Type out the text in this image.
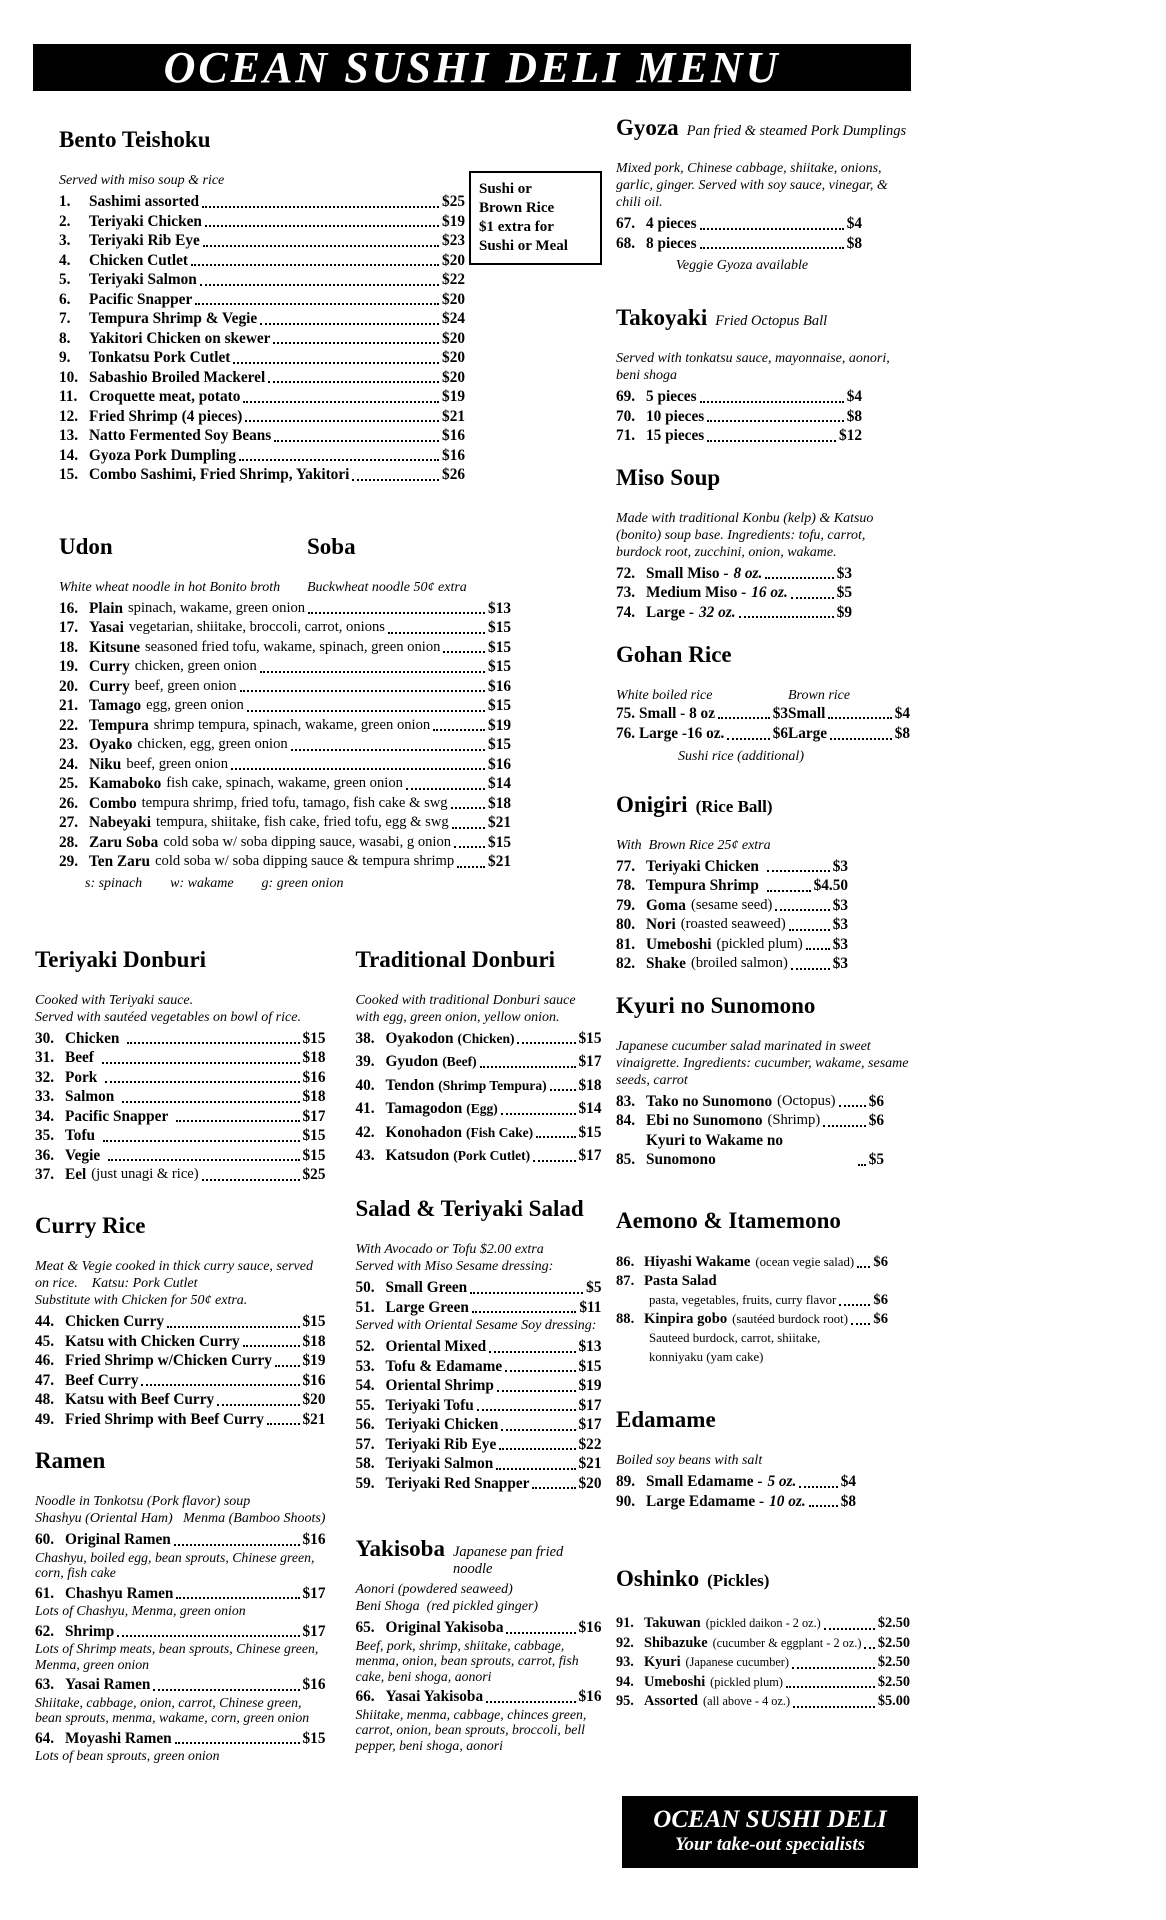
OCEAN SUSHI DELI MENU
Bento Teishoku
Served with miso soup & rice
1.	Sashimi assorted	$25
2.	Teriyaki Chicken	$19
3.	Teriyaki Rib Eye	$23
4.	Chicken Cutlet	$20
5.	Teriyaki Salmon	$22
6.	Pacific Snapper	$20
7.	Tempura Shrimp & Vegie	$24
8.	Yakitori Chicken on skewer	$20
9.	Tonkatsu Pork Cutlet	$20
10. Sabashio Broiled Mackerel	$20
11. Croquette meat, potato	$19
12. Fried Shrimp (4 pieces)	$21
13. Natto Fermented Soy Beans	$16
14. Gyoza Pork Dumpling	$16
15. Combo Sashimi, Fried Shrimp, Yakitori	$26
Sushi or
Brown Rice
$1 extra for
Sushi or Meal
Udon
White wheat noodle in hot Bonito broth
Soba
Buckwheat noodle 50¢ extra
16. Plain spinach, wakame, green onion	$13
17. Yasai vegetarian, shiitake, broccoli, carrot, onions	$15
18. Kitsune seasoned fried tofu, wakame, spinach, green onion	$15
19. Curry chicken, green onion	$15
20. Curry beef, green onion	$16
21. Tamago egg, green onion	$15
22. Tempura shrimp tempura, spinach, wakame, green onion	$19
23. Oyako chicken, egg, green onion	$15
24. Niku beef, green onion	$16
25. Kamaboko fish cake, spinach, wakame, green onion	$14
26. Combo tempura shrimp, fried tofu, tamago, fish cake & swg	$18
27. Nabeyaki tempura, shiitake, fish cake, fried tofu, egg & swg	$21
28. Zaru Soba cold soba w/ soba dipping sauce, wasabi, g onion $15
29. Ten Zaru cold soba w/ soba dipping sauce & tempura shrimp $21
s: spinach        w: wakame        g: green onion
Teriyaki Donburi
Cooked with Teriyaki sauce.
Served with sautéed vegetables on bowl of rice.
30. Chicken	$15
31. Beef	$18
32. Pork	$16
33. Salmon	$18
34. Pacific Snapper	$17
35. Tofu	$15
36. Vegie	$15
37. Eel (just unagi & rice)	$25
Curry Rice
Meat & Vegie cooked in thick curry sauce, served on rice.    Katsu: Pork Cutlet
Substitute with Chicken for 50¢ extra.
44. Chicken Curry	$15
45. Katsu with Chicken Curry	$18
46. Fried Shrimp w/Chicken Curry $19
47. Beef Curry	$16
48. Katsu with Beef Curry	$20
49. Fried Shrimp with Beef Curry	$21
Ramen
Noodle in Tonkotsu (Pork flavor) soup
Shashyu (Oriental Ham)   Menma (Bamboo Shoots)
60. Original Ramen	$16
Chashyu, boiled egg, bean sprouts, Chinese green, corn, fish cake
61. Chashyu Ramen	$17
Lots of Chashyu, Menma, green onion
62. Shrimp	$17
Lots of Shrimp meats, bean sprouts, Chinese green, Menma, green onion
63. Yasai Ramen	$16
Shiitake, cabbage, onion, carrot, Chinese green, bean sprouts, menma, wakame, corn, green onion
64. Moyashi Ramen	$15
Lots of bean sprouts, green onion
Traditional Donburi
Cooked with traditional Donburi sauce with egg, green onion, yellow onion.
38. Oyakodon (Chicken)	$15
39. Gyudon (Beef)	$17
40. Tendon (Shrimp Tempura) $18
41. Tamagodon (Egg)	$14
42. Konohadon (Fish Cake)	$15
43. Katsudon (Pork Cutlet)	$17
Salad & Teriyaki Salad
With Avocado or Tofu $2.00 extra
Served with Miso Sesame dressing:
50. Small Green	$5
51. Large Green	$11
Served with Oriental Sesame Soy dressing:
52. Oriental Mixed	$13
53. Tofu & Edamame	$15
54. Oriental Shrimp	$19
55. Teriyaki Tofu	$17
56. Teriyaki Chicken	$17
57. Teriyaki Rib Eye	$22
58. Teriyaki Salmon	$21
59. Teriyaki Red Snapper	$20
Yakisoba Japanese pan fried noodle
Aonori (powdered seaweed)
Beni Shoga  (red pickled ginger)
65. Original Yakisoba	$16
Beef, pork, shrimp, shiitake, cabbage, menma, onion, bean sprouts, carrot, fish cake, beni shoga, aonori
66. Yasai Yakisoba	$16
Shiitake, menma, cabbage, chinces green, carrot, onion, bean sprouts, broccoli, bell pepper, beni shoga, aonori
Gyoza Pan fried & steamed Pork Dumplings
Mixed pork, Chinese cabbage, shiitake, onions, garlic, ginger. Served with soy sauce, vinegar, & chili oil.
67. 4 pieces	$4
68. 8 pieces	$8
Veggie Gyoza available
Takoyaki Fried Octopus Ball
Served with tonkatsu sauce, mayonnaise, aonori, beni shoga
69. 5 pieces	$4
70. 10 pieces	$8
71. 15 pieces	$12
Miso Soup
Made with traditional Konbu (kelp) & Katsuo (bonito) soup base. Ingredients: tofu, carrot, burdock root, zucchini, onion, wakame.
72. Small Miso - 8 oz.	$3
73. Medium Miso - 16 oz.	$5
74. Large - 32 oz.	$9
Gohan Rice
White boiled rice	Brown rice
75. Small - 8 oz	$3 Small	$4
76. Large -16 oz.	$6 Large	$8
Sushi rice (additional)
Onigiri (Rice Ball)
With  Brown Rice 25¢ extra
77. Teriyaki Chicken	$3
78. Tempura Shrimp	$4.50
79. Goma (sesame seed)	$3
80. Nori (roasted seaweed)	$3
81. Umeboshi (pickled plum) $3
82. Shake (broiled salmon)	$3
Kyuri no Sunomono
Japanese cucumber salad marinated in sweet vinaigrette. Ingredients: cucumber, wakame, sesame seeds, carrot
83. Tako no Sunomono (Octopus) $6
84. Ebi no Sunomono (Shrimp)	$6
85.
Kyuri to Wakame no Sunomono	$5
Aemono & Itamemono
86. Hiyashi Wakame (ocean vegie salad) $6
87. Pasta Salad
pasta, vegetables, fruits, curry flavor	$6
88. Kinpira gobo (sautéed burdock root) $6
Sauteed burdock, carrot, shiitake, konniyaku (yam cake)
Edamame
Boiled soy beans with salt
89. Small Edamame - 5 oz.	$4
90. Large Edamame - 10 oz. $8
Oshinko (Pickles)
91. Takuwan (pickled daikon - 2 oz.)	$2.50
92. Shibazuke (cucumber & eggplant - 2 oz.) $2.50
93. Kyuri (Japanese cucumber)	$2.50
94. Umeboshi (pickled plum)	$2.50
95. Assorted (all above - 4 oz.)	$5.00
OCEAN SUSHI DELI
Your take-out specialists
